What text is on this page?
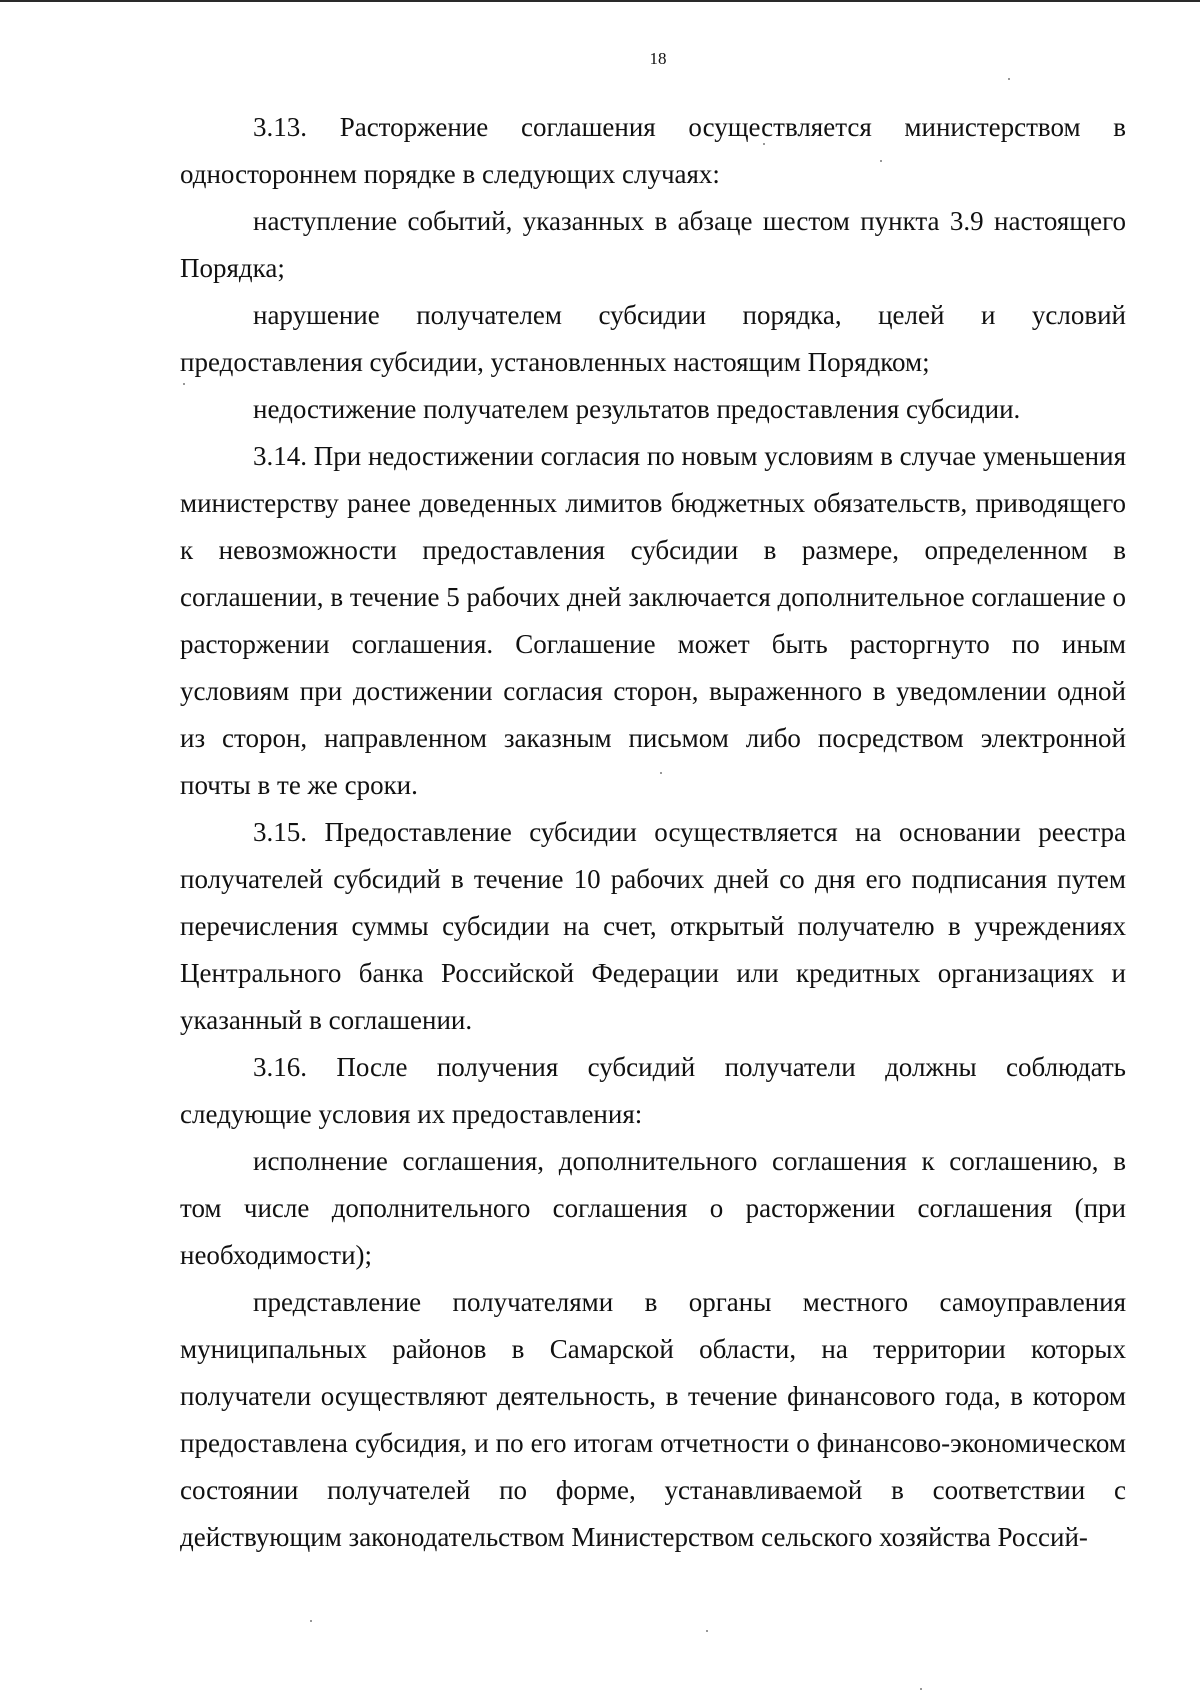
18

3.13. Расторжение соглашения осуществляется министерством в одностороннем порядке в следующих случаях:

наступление событий, указанных в абзаце шестом пункта 3.9 настоящего Порядка;

нарушение получателем субсидии порядка, целей и условий предоставления субсидии, установленных настоящим Порядком;

недостижение получателем результатов предоставления субсидии.

3.14. При недостижении согласия по новым условиям в случае уменьшения министерству ранее доведенных лимитов бюджетных обязательств, приводящего к невозможности предоставления субсидии в размере, определенном в соглашении, в течение 5 рабочих дней заключается дополнительное соглашение о расторжении соглашения. Соглашение может быть расторгнуто по иным условиям при достижении согласия сторон, выраженного в уведомлении одной из сторон, направленном заказным письмом либо посредством электронной почты в те же сроки.

3.15. Предоставление субсидии осуществляется на основании реестра получателей субсидий в течение 10 рабочих дней со дня его подписания путем перечисления суммы субсидии на счет, открытый получателю в учреждениях Центрального банка Российской Федерации или кредитных организациях и указанный в соглашении.

3.16. После получения субсидий получатели должны соблюдать следующие условия их предоставления:

исполнение соглашения, дополнительного соглашения к соглашению, в том числе дополнительного соглашения о расторжении соглашения (при необходимости);

представление получателями в органы местного самоуправления муниципальных районов в Самарской области, на территории которых получатели осуществляют деятельность, в течение финансового года, в котором предоставлена субсидия, и по его итогам отчетности о финансово-экономическом состоянии получателей по форме, устанавливаемой в соответствии с действующим законодательством Министерством сельского хозяйства Россий-
